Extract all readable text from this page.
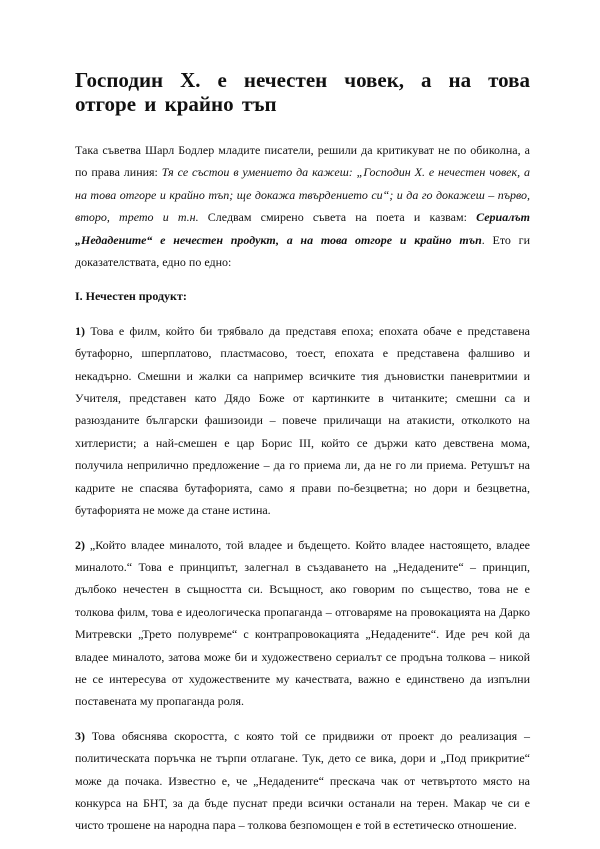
Господин Х. е нечестен човек, а на това отгоре и крайно тъп

Така съветва Шарл Бодлер младите писатели, решили да критикуват не по обиколна, а по права линия: Тя се състои в умението да кажеш: „Господин Х. е нечестен човек, а на това отгоре и крайно тъп; ще докажа твърдението си“; и да го докажеш – първо, второ, трето и т.н. Следвам смирено съвета на поета и казвам: Сериалът „Недадените“ е нечестен продукт, а на това отгоре и крайно тъп. Ето ги доказателствата, едно по едно:

I. Нечестен продукт:

1) Това е филм, който би трябвало да представя епоха; епохата обаче е представена бутафорно, шперплатово, пластмасово, тоест, епохата е представена фалшиво и некадърно. Смешни и жалки са например всичките тия дъновистки паневритмии и Учителя, представен като Дядо Боже от картинките в читанките; смешни са и разюзданите български фашизоиди – повече приличащи на атакисти, отколкото на хитлеристи; а най-смешен е цар Борис III, който се държи като девствена мома, получила неприлично предложение – да го приема ли, да не го ли приема. Ретушът на кадрите не спасява бутафорията, само я прави по-безцветна; но дори и безцветна, бутафорията не може да стане истина.

2) „Който владее миналото, той владее и бъдещето. Който владее настоящето, владее миналото.“ Това е принципът, залегнал в създаването на „Недадените“ – принцип, дълбоко нечестен в същността си. Всъщност, ако говорим по същество, това не е толкова филм, това е идеологическа пропаганда – отговаряме на провокацията на Дарко Митревски „Трето полувреме“ с контрапровокацията „Недадените“. Иде реч кой да владее миналото, затова може би и художествено сериалът се продъна толкова – никой не се интересува от художествените му качествата, важно е единствено да изпълни поставената му пропаганда роля.

3) Това обяснява скоростта, с която той се придвижи от проект до реализация – политическата поръчка не търпи отлагане. Тук, дето се вика, дори и „Под прикритие“ може да почака. Известно е, че „Недадените“ прескача чак от четвъртото място на конкурса на БНТ, за да бъде пуснат преди всички останали на терен. Макар че си е чисто трошене на народна пара – толкова безпомощен е той в естетическо отношение.
